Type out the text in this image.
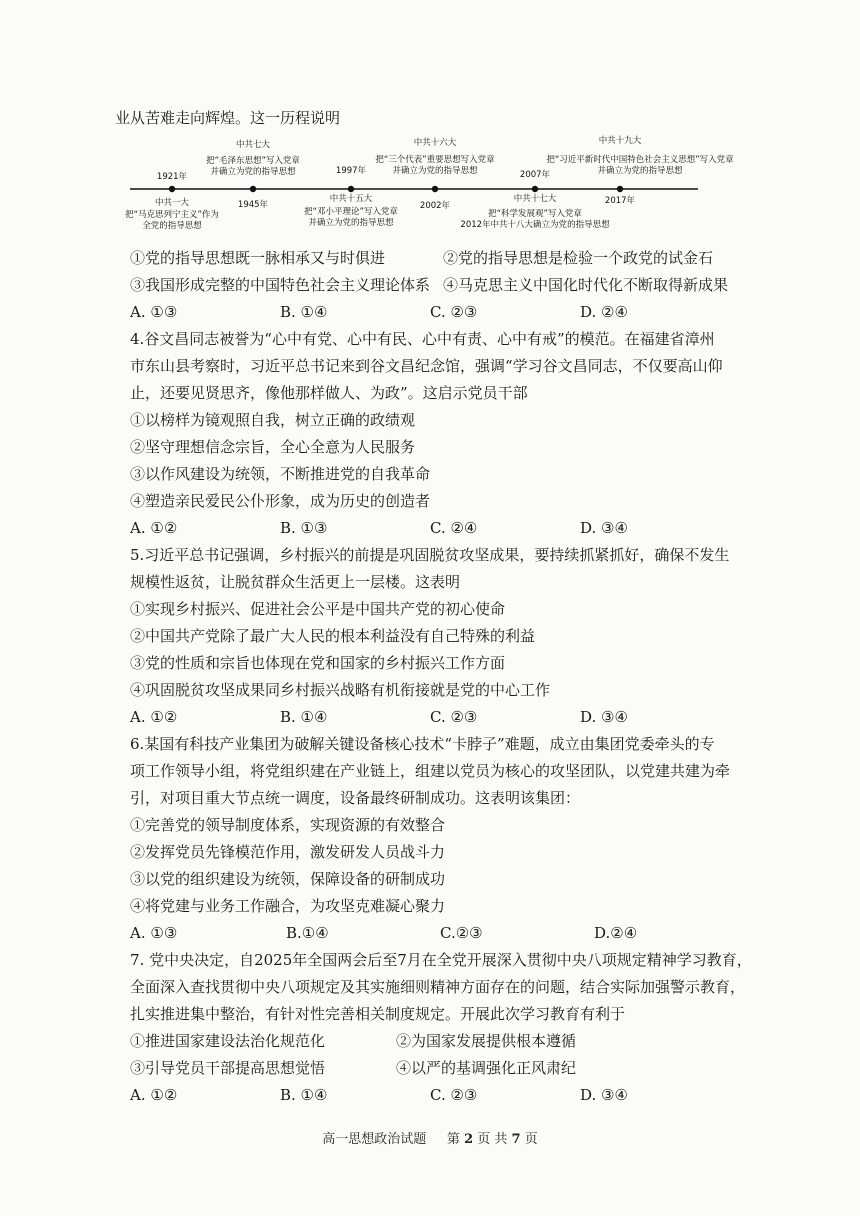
业从苦难走向辉煌。这一历程说明
1921年
中共一大
把“马克思列宁主义”作为
全党的指导思想
中共七大
把“毛泽东思想”写入党章
并确立为党的指导思想
1945年
1997年
中共十五大
把“邓小平理论”写入党章
并确立为党的指导思想
中共十六大
把“三个代表”重要思想写入党章
并确立为党的指导思想
2002年
2007年
中共十七大
把“科学发展观”写入党章
2012年中共十八大确立为党的指导思想
中共十九大
把“习近平新时代中国特色社会主义思想”写入党章
并确立为党的指导思想
2017年
①党的指导思想既一脉相承又与时俱进	②党的指导思想是检验一个政党的试金石
③我国形成完整的中国特色社会主义理论体系 ④马克思主义中国化时代化不断取得新成果
A. ①③	B. ①④	C. ②③	D. ②④
4.谷文昌同志被誉为“心中有党、心中有民、心中有责、心中有戒”的模范。在福建省漳州
市东山县考察时，习近平总书记来到谷文昌纪念馆，强调“学习谷文昌同志，不仅要高山仰
止，还要见贤思齐，像他那样做人、为政”。这启示党员干部
①以榜样为镜观照自我，树立正确的政绩观
②坚守理想信念宗旨，全心全意为人民服务
③以作风建设为统领，不断推进党的自我革命
④塑造亲民爱民公仆形象，成为历史的创造者
A. ①②	B. ①③	C. ②④	D. ③④
5.习近平总书记强调，乡村振兴的前提是巩固脱贫攻坚成果，要持续抓紧抓好，确保不发生
规模性返贫，让脱贫群众生活更上一层楼。这表明
①实现乡村振兴、促进社会公平是中国共产党的初心使命
②中国共产党除了最广大人民的根本利益没有自己特殊的利益
③党的性质和宗旨也体现在党和国家的乡村振兴工作方面
④巩固脱贫攻坚成果同乡村振兴战略有机衔接就是党的中心工作
A. ①②	B. ①④	C. ②③	D. ③④
6.某国有科技产业集团为破解关键设备核心技术“卡脖子”难题，成立由集团党委牵头的专
项工作领导小组，将党组织建在产业链上，组建以党员为核心的攻坚团队，以党建共建为牵
引，对项目重大节点统一调度，设备最终研制成功。这表明该集团：
①完善党的领导制度体系，实现资源的有效整合
②发挥党员先锋模范作用，激发研发人员战斗力
③以党的组织建设为统领，保障设备的研制成功
④将党建与业务工作融合，为攻坚克难凝心聚力
A. ①③	B.①④	C.②③	D.②④
7. 党中央决定，自2025年全国两会后至7月在全党开展深入贯彻中央八项规定精神学习教育，
全面深入查找贯彻中央八项规定及其实施细则精神方面存在的问题，结合实际加强警示教育，
扎实推进集中整治，有针对性完善相关制度规定。开展此次学习教育有利于
①推进国家建设法治化规范化	②为国家发展提供根本遵循
③引导党员干部提高思想觉悟	④以严的基调强化正风肃纪
A. ①②	B. ①④	C. ②③	D. ③④
高一思想政治试题 第 2 页 共 7 页
